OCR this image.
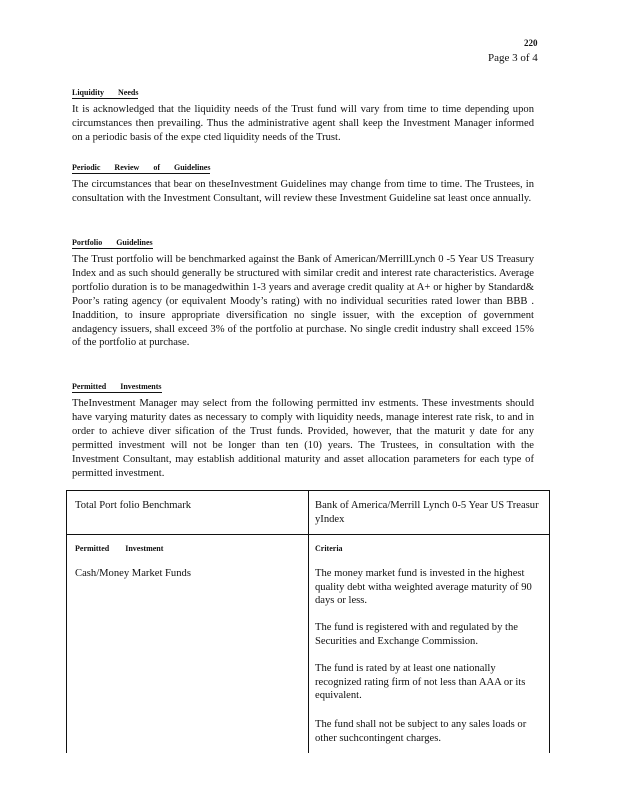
220
Page 3 of 4
Liquidity Needs

It is acknowledged that the liquidity needs of the Trust fund will vary from time to time depending upon circumstances then prevailing. Thus the administrative agent shall keep the Investment Manager informed on a periodic basis of the expe cted liquidity needs of the Trust.

Periodic Review of Guidelines

The circumstances that bear on theseInvestment Guidelines may change from time to time. The Trustees, in consultation with the Investment Consultant, will review these Investment Guideline sat least once annually.

Portfolio Guidelines

The Trust portfolio will be benchmarked against the Bank of American/MerrillLynch 0 -5 Year US Treasury Index and as such should generally be structured with similar credit and interest rate characteristics. Average portfolio duration is to be managedwithin 1-3 years and average credit quality at A+ or higher by Standard& Poor’s rating agency (or equivalent Moody’s rating) with no individual securities rated lower than BBB . Inaddition, to insure appropriate diversification no single issuer, with the exception of government andagency issuers, shall exceed 3% of the portfolio at purchase. No single credit industry shall exceed 15% of the portfolio at purchase.

Permitted Investments

TheInvestment Manager may select from the following permitted inv estments. These investments should have varying maturity dates as necessary to comply with liquidity needs, manage interest rate risk, to and in order to achieve diver sification of the Trust funds. Provided, however, that the maturit y date for any permitted investment will not be longer than ten (10) years. The Trustees, in consultation with the Investment Consultant, may establish additional maturity and asset allocation parameters for each type of permitted investment.

Total Port folio Benchmark	Bank of America/Merrill Lynch 0-5 Year US Treasur yIndex
Permitted Investment	Criteria
Cash/Money Market Funds	The money market fund is invested in the highest quality debt witha weighted average maturity of 90 days or less.
The fund is registered with and regulated by the Securities and Exchange Commission.
The fund is rated by at least one nationally recognized rating firm of not less than AAA or its equivalent.
The fund shall not be subject to any sales loads or other suchcontingent charges.
